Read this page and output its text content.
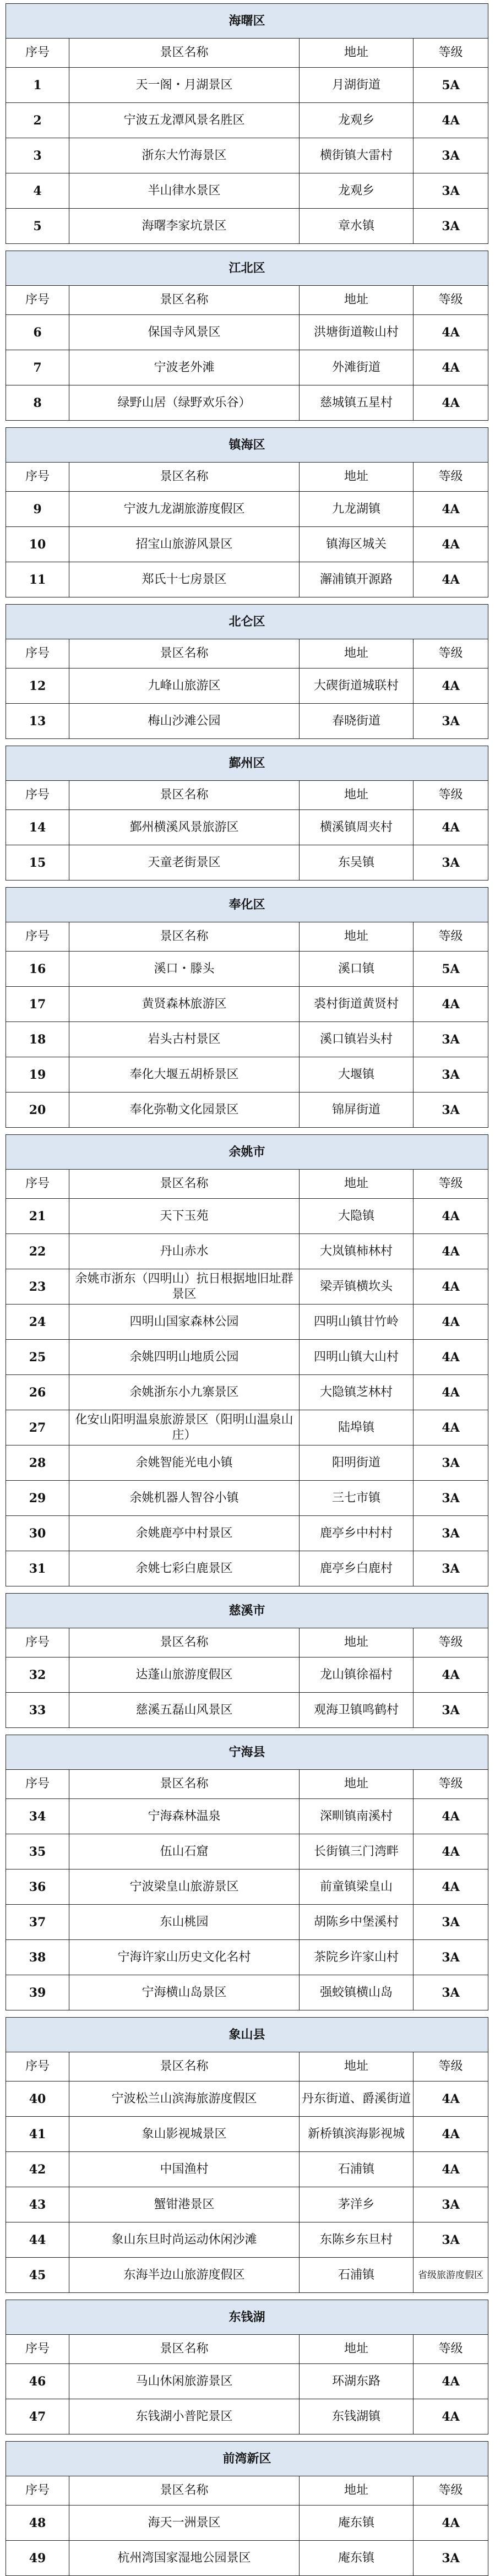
海曙区			
序号	景区名称	地址	等级
1	天一阁・月湖景区	月湖街道	5A
2	宁波五龙潭风景名胜区	龙观乡	4A
3	浙东大竹海景区	横街镇大雷村	3A
4	半山律水景区	龙观乡	3A
5	海曙李家坑景区	章水镇	3A
江北区			
序号	景区名称	地址	等级
6	保国寺风景区	洪塘街道鞍山村	4A
7	宁波老外滩	外滩街道	4A
8	绿野山居（绿野欢乐谷）	慈城镇五星村	4A
镇海区			
序号	景区名称	地址	等级
9	宁波九龙湖旅游度假区	九龙湖镇	4A
10	招宝山旅游风景区	镇海区城关	4A
11	郑氏十七房景区	澥浦镇开源路	4A
北仑区			
序号	景区名称	地址	等级
12	九峰山旅游区	大碶街道城联村	4A
13	梅山沙滩公园	春晓街道	3A
鄞州区			
序号	景区名称	地址	等级
14	鄞州横溪风景旅游区	横溪镇周夹村	4A
15	天童老街景区	东吴镇	3A
奉化区			
序号	景区名称	地址	等级
16	溪口・滕头	溪口镇	5A
17	黄贤森林旅游区	裘村街道黄贤村	4A
18	岩头古村景区	溪口镇岩头村	3A
19	奉化大堰五胡桥景区	大堰镇	3A
20	奉化弥勒文化园景区	锦屏街道	3A
余姚市			
序号	景区名称	地址	等级
21	天下玉苑	大隐镇	4A
22	丹山赤水	大岚镇柿林村	4A
23	余姚市浙东（四明山）抗日根据地旧址群景区	梁弄镇横坎头	4A
24	四明山国家森林公园	四明山镇甘竹岭	4A
25	余姚四明山地质公园	四明山镇大山村	4A
26	余姚浙东小九寨景区	大隐镇芝林村	4A
27	化安山阳明温泉旅游景区（阳明山温泉山庄）	陆埠镇	4A
28	余姚智能光电小镇	阳明街道	3A
29	余姚机器人智谷小镇	三七市镇	3A
30	余姚鹿亭中村景区	鹿亭乡中村村	3A
31	余姚七彩白鹿景区	鹿亭乡白鹿村	3A
慈溪市			
序号	景区名称	地址	等级
32	达蓬山旅游度假区	龙山镇徐福村	4A
33	慈溪五磊山风景区	观海卫镇鸣鹤村	3A
宁海县			
序号	景区名称	地址	等级
34	宁海森林温泉	深甽镇南溪村	4A
35	伍山石窟	长街镇三门湾畔	4A
36	宁波梁皇山旅游景区	前童镇梁皇山	4A
37	东山桃园	胡陈乡中堡溪村	3A
38	宁海许家山历史文化名村	茶院乡许家山村	3A
39	宁海横山岛景区	强蛟镇横山岛	3A
象山县			
序号	景区名称	地址	等级
40	宁波松兰山滨海旅游度假区	丹东街道、爵溪街道	4A
41	象山影视城景区	新桥镇滨海影视城	4A
42	中国渔村	石浦镇	4A
43	蟹钳港景区	茅洋乡	3A
44	象山东旦时尚运动休闲沙滩	东陈乡东旦村	3A
45	东海半边山旅游度假区	石浦镇	省级旅游度假区
东钱湖			
序号	景区名称	地址	等级
46	马山休闲旅游景区	环湖东路	4A
47	东钱湖小普陀景区	东钱湖镇	4A
前湾新区			
序号	景区名称	地址	等级
48	海天一洲景区	庵东镇	4A
49	杭州湾国家湿地公园景区	庵东镇	3A
